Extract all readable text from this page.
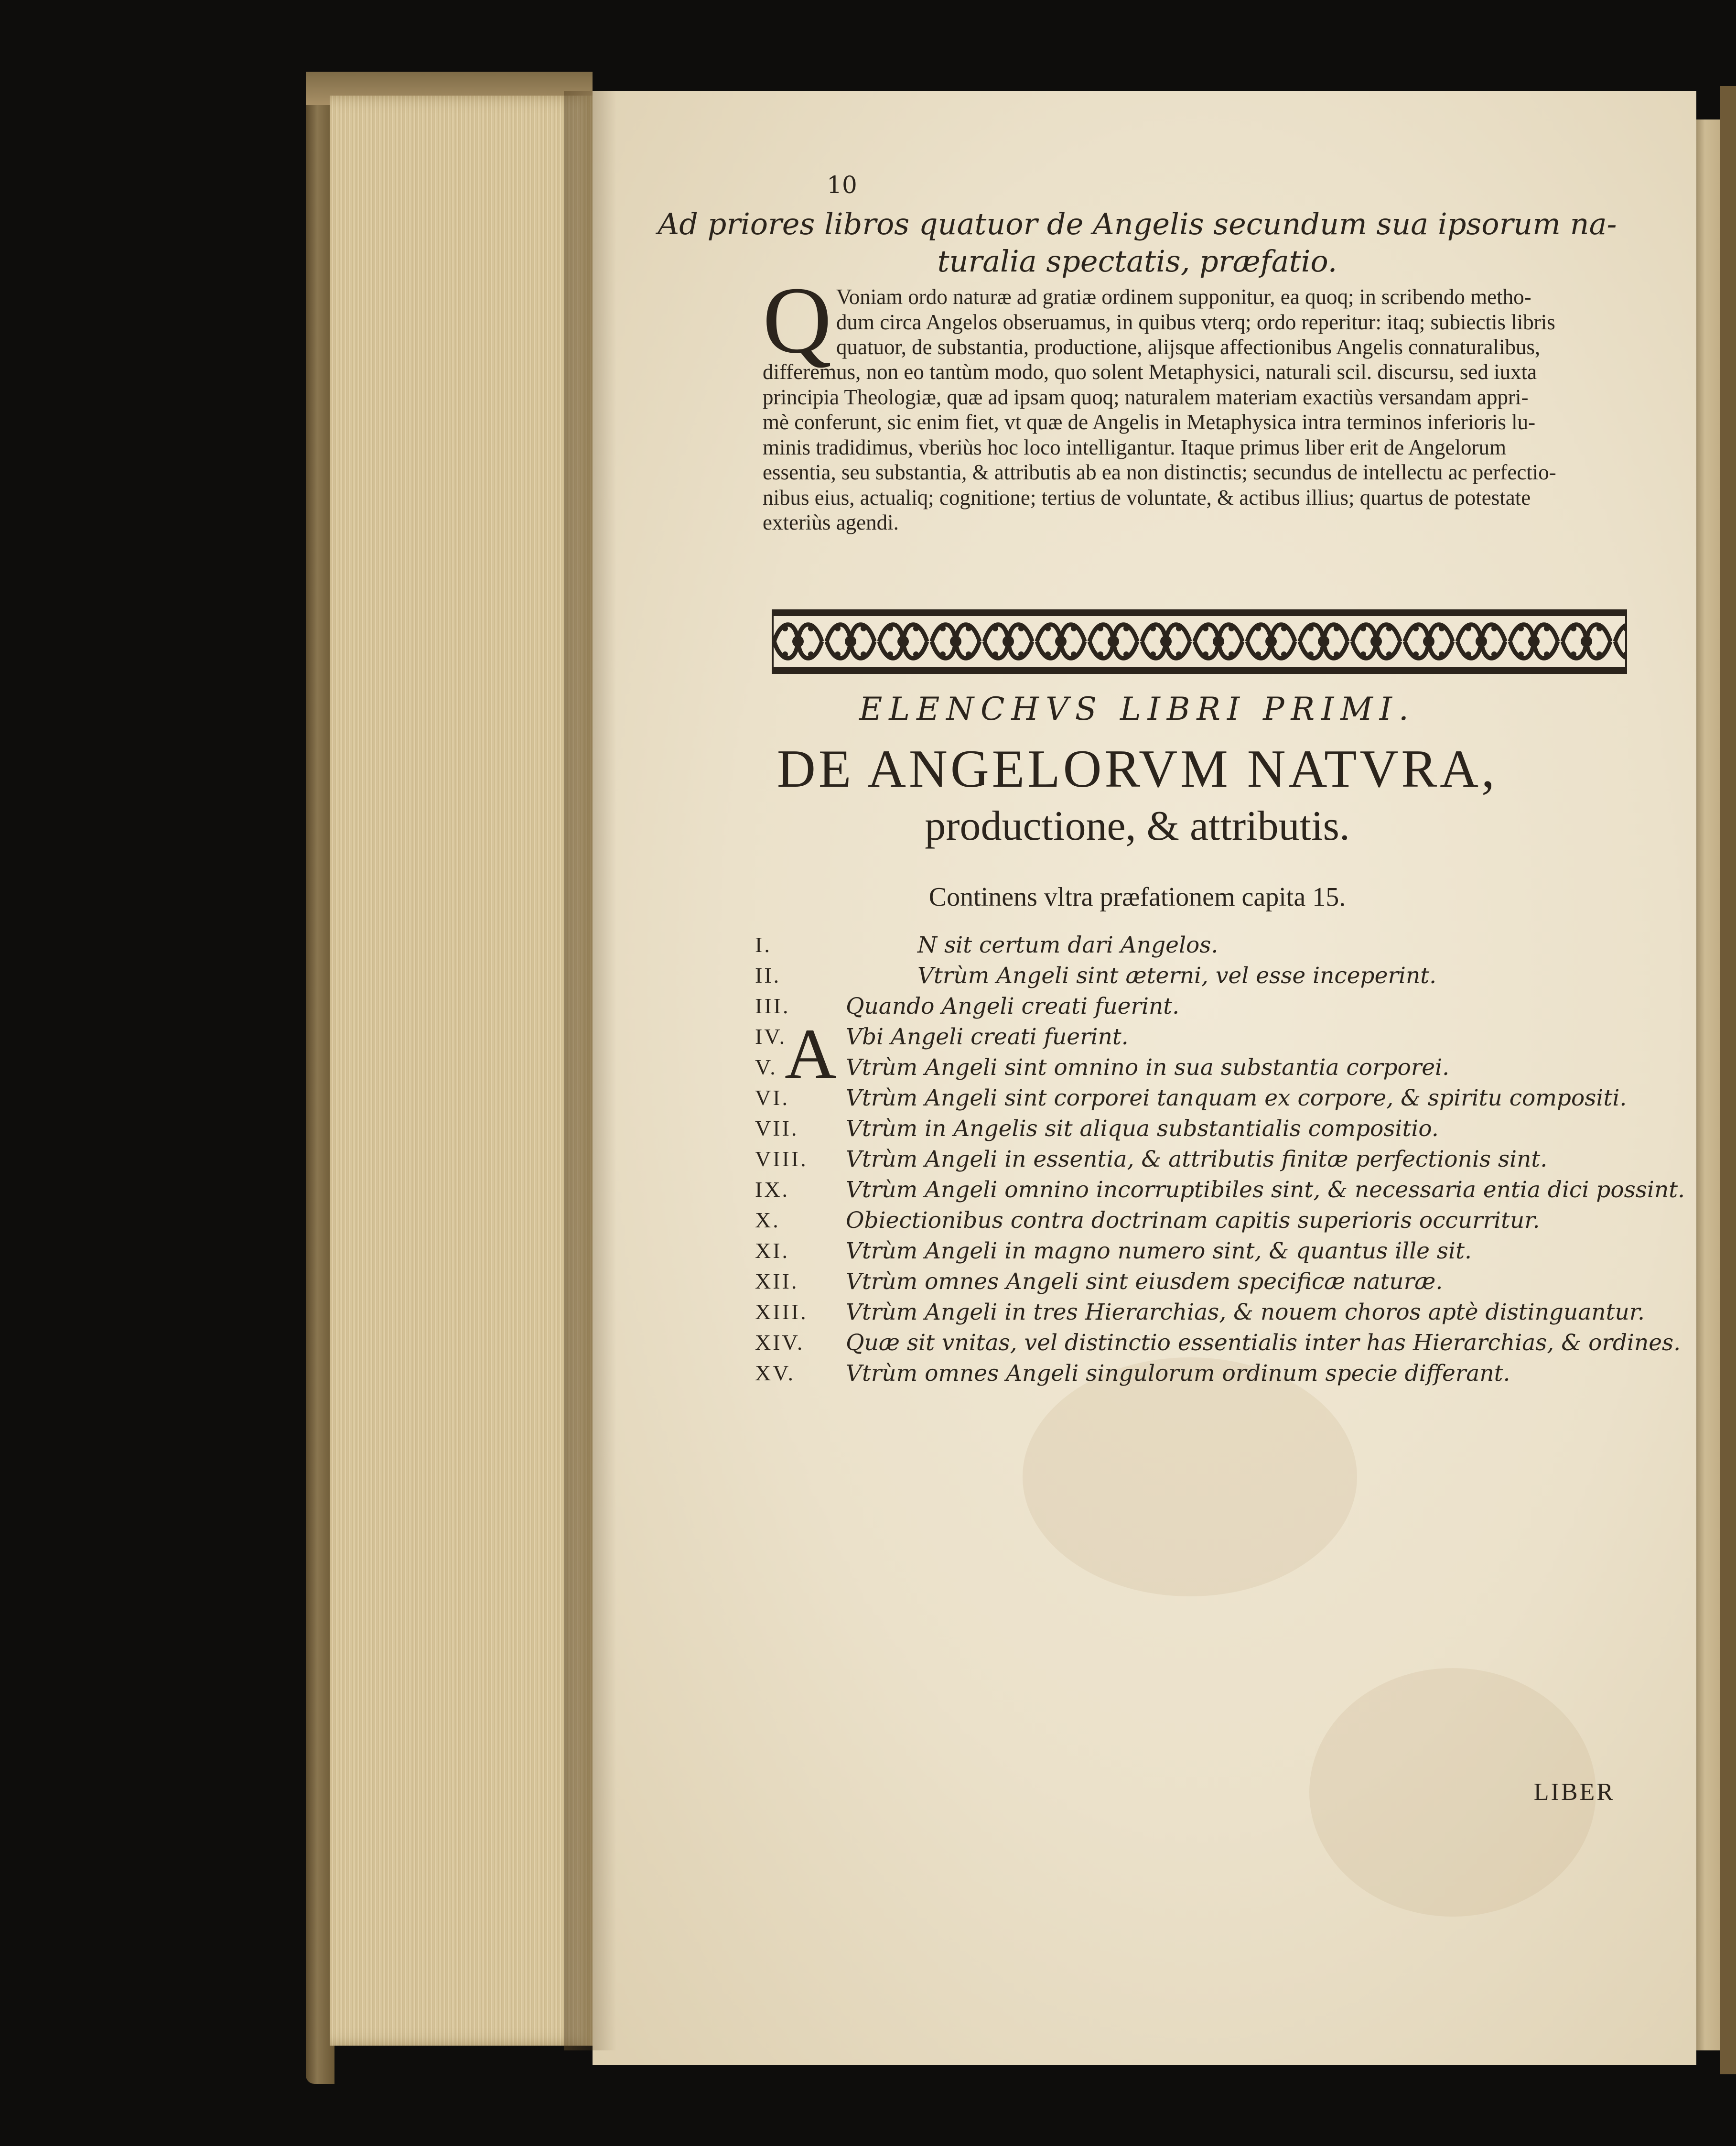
10
Ad priores libros quatuor de Angelis secundum sua ipsorum na-
turalia spectatis, præfatio.
Q Voniam ordo naturæ ad gratiæ ordinem supponitur, ea quoq; in scribendo metho-
dum circa Angelos obseruamus, in quibus vterq; ordo reperitur: itaq; subiectis libris
quatuor, de substantia, productione, alijsque affectionibus Angelis connaturalibus,
differemus, non eo tantùm modo, quo solent Metaphysici, naturali scil. discursu, sed iuxta
principia Theologiæ, quæ ad ipsam quoq; naturalem materiam exactiùs versandam appri-
mè conferunt, sic enim fiet, vt quæ de Angelis in Metaphysica intra terminos inferioris lu-
minis tradidimus, vberiùs hoc loco intelligantur. Itaque primus liber erit de Angelorum
essentia, seu substantia, & attributis ab ea non distinctis; secundus de intellectu ac perfectio-
nibus eius, actualiq; cognitione; tertius de voluntate, & actibus illius; quartus de potestate
exteriùs agendi.
ELENCHVS LIBRI PRIMI.
DE ANGELORVM NATVRA,
productione, & attributis.
Continens vltra præfationem capita 15.
A
I.	N sit certum dari Angelos.
II.	Vtrùm Angeli sint æterni, vel esse inceperint.
III.	Quando Angeli creati fuerint.
IV.	Vbi Angeli creati fuerint.
V.	Vtrùm Angeli sint omnino in sua substantia corporei.
VI.	Vtrùm Angeli sint corporei tanquam ex corpore, & spiritu compositi.
VII.	Vtrùm in Angelis sit aliqua substantialis compositio.
VIII.	Vtrùm Angeli in essentia, & attributis finitæ perfectionis sint.
IX.	Vtrùm Angeli omnino incorruptibiles sint, & necessaria entia dici possint.
X.	Obiectionibus contra doctrinam capitis superioris occurritur.
XI.	Vtrùm Angeli in magno numero sint, & quantus ille sit.
XII.	Vtrùm omnes Angeli sint eiusdem specificæ naturæ.
XIII.	Vtrùm Angeli in tres Hierarchias, & nouem choros aptè distinguantur.
XIV.	Quæ sit vnitas, vel distinctio essentialis inter has Hierarchias, & ordines.
XV.	Vtrùm omnes Angeli singulorum ordinum specie differant.
LIBER
